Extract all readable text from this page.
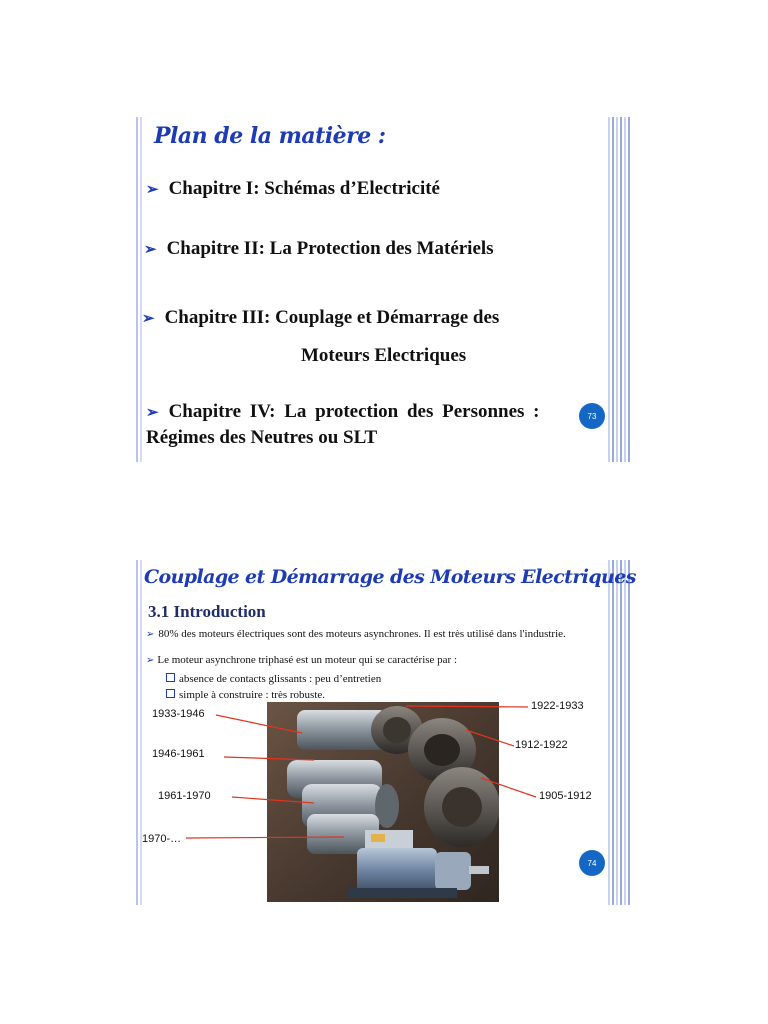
Plan de la matière :
➢ Chapitre I: Schémas d’Electricité
➢ Chapitre II: La Protection des Matériels
➢ Chapitre III: Couplage et Démarrage des
Moteurs Electriques
➢ Chapitre IV: La protection des Personnes :
Régimes des Neutres ou SLT
73
Couplage et Démarrage des Moteurs Electriques
3.1 Introduction
➢ 80% des moteurs électriques sont des moteurs asynchrones. Il est très utilisé dans l'industrie.
➢ Le moteur asynchrone triphasé est un moteur qui se caractérise par :
absence de contacts glissants : peu d’entretien
simple à construire : très robuste.
1933-1946
1946-1961
1961-1970
1970-…
1922-1933
1912-1922
1905-1912
74
